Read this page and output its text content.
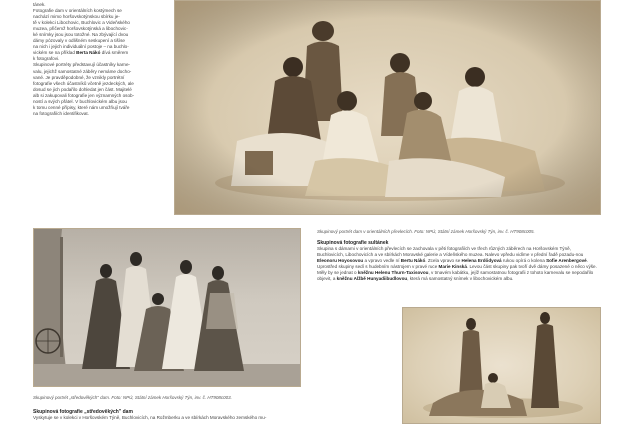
tánek.

Fotografie dam v orientálních kostýmech se

nachází mimo horšovskotýnskou sbírku je-

tě v kolekci Libochovic, Buchlovic a Videňského

muzea, přičemž horšovskotýnská a libochovic-

ké snímky jsou jsou totožné. Na zbývající dvou

dámy pózovaly v odlišném seskupení a tišíse

na nich i jejich individuální postoje – na buchlo-

vickém se na příklad Berta Nákó dívá směrem

k fotografovi.

Skupinové portréty představují účastníky karne-

valu, jejichž samostatné záběry nemáme docho-

vané. Je pravděpodobné, že vznikly portrétní

fotografie všech účastníků včetně jezdeckých, ale

dosud se jich podařilo dohledat jen část. Majitelé

alb si zakupovali fotografie jen významných osob-

ností a svých přátel. V buchlovickém albu jsou

k tomu cenné přípisy, které nám umožňují tváře

na fotografiích identifikovat.

Skupinový portrét dam v orientálních převlecích. Foto: NPÚ, Státní zámek Horšovský Týn, inv. č. HT908c005.
Skupinová fotografie sultánek

Skupina s dámami v orientálních převlecích se zachovala v pěti fotografiích ve třech různých záběrech na Horšovském Týně, Buchlovicích, Libochovicích a ve sbírkách Moravské galerie a Vídeňského muzea. Nalevo vpředu vidíme v přední řadě pozadu-nou Eleonoru Hoyosovou a vpravo vedle ní Bertu Nákó. Zcela vpravo se Helena Erdődyová rukou opírá o kolena Sofie Arenbergové. Uprostřed skupiny sedí s hudebním nástrojem v pravé ruce Marie Kinská. Levou část skupiny pak tvoří dvě dámy posazené o něco výše. Měly by se jednat o kněžnu Helenu Thurn-Taxisovou, v tmavém kabátku, jejíž samostatnou fotografii z tohoto karnevalu se nepodařilo objevit, a kněžnu Alžbě Hunyadiibudlovou, která má samostatný snímek v libochovickém albu.

Skupinový portrét „středověkých" dam. Foto: NPÚ, Státní zámek Horšovský Týn, inv. č. HT908c003.
Skupinová fotografie „středověkých" dam

Vyskytuje se v kolekci v Horšovském Týně, Buchlovicích, na Rožmberku a ve sbírkách Moravského zemského mu-
